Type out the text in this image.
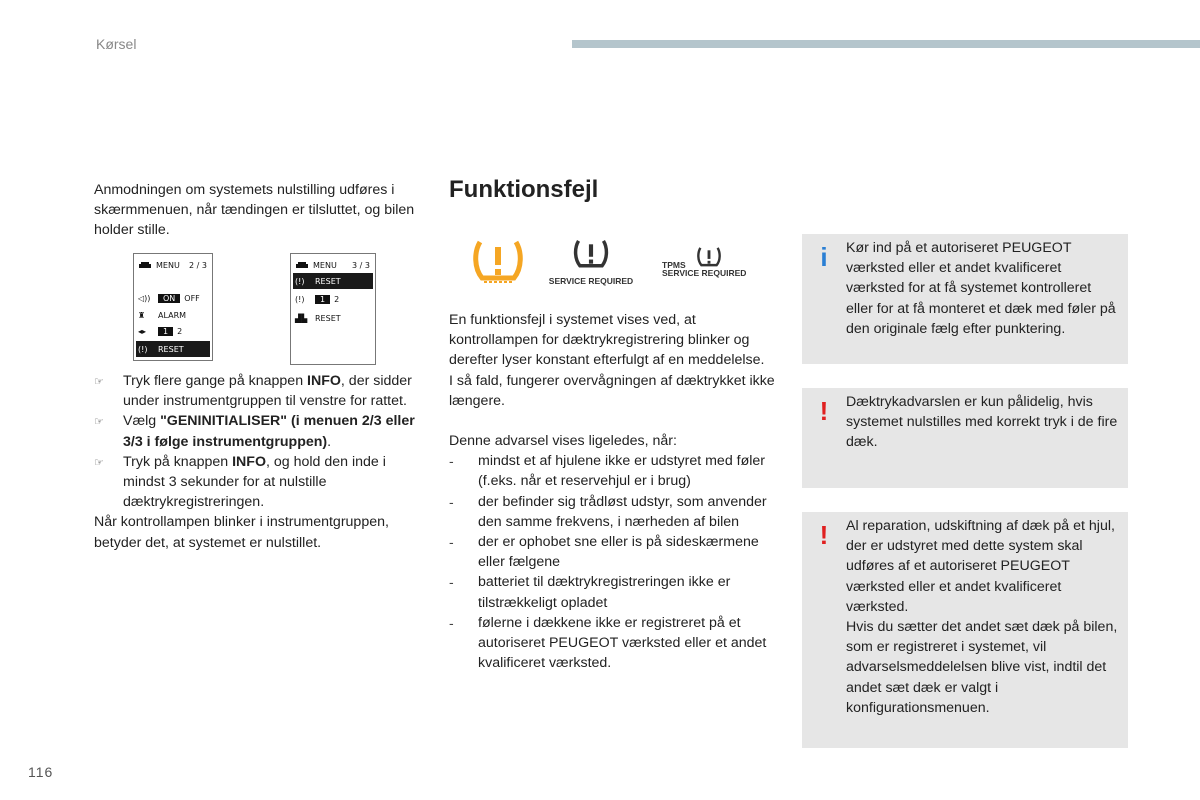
Kørsel
116

Anmodningen om systemets nulstilling udføres i skærmmenuen, når tændingen er tilsluttet, og bilen holder stille.

MENU 2 / 3
◁))	ON	OFF
♜	ALARM
◂▸	1	2
(!)	RESET
MENU 3 / 3
(!)	RESET
(!)	1	2
▟▙ RESET
☞	Tryk flere gange på knappen INFO, der sidder under instrumentgruppen til venstre for rattet.
☞	Vælg "GENINITIALISER" (i menuen 2/3 eller 3/3 i følge instrumentgruppen).
☞	Tryk på knappen INFO, og hold den inde i mindst 3 sekunder for at nulstille dæktrykregistreringen.

Når kontrollampen blinker i instrumentgruppen, betyder det, at systemet er nulstillet.

Funktionsfejl
SERVICE REQUIRED
TPMS
SERVICE REQUIRED

En funktionsfejl i systemet vises ved, at kontrollampen for dæktrykregistrering blinker og derefter lyser konstant efterfulgt af en meddelelse.

I så fald, fungerer overvågningen af dæktrykket ikke længere.

Denne advarsel vises ligeledes, når:

-	mindst et af hjulene ikke er udstyret med føler (f.eks. når et reservehjul er i brug)
-	der befinder sig trådløst udstyr, som anvender den samme frekvens, i nærheden af bilen
-	der er ophobet sne eller is på sideskærmene eller fælgene
-	batteriet til dæktrykregistreringen ikke er tilstrækkeligt opladet
-	følerne i dækkene ikke er registreret på et autoriseret PEUGEOT værksted eller et andet kvalificeret værksted.
i	Kør ind på et autoriseret PEUGEOT værksted eller et andet kvalificeret værksted for at få systemet kontrolleret eller for at få monteret et dæk med føler på den originale fælg efter punktering.
! Dæktrykadvarslen er kun pålidelig, hvis systemet nulstilles med korrekt tryk i de fire dæk.
! Al reparation, udskiftning af dæk på et hjul, der er udstyret med dette system skal udføres af et autoriseret PEUGEOT værksted eller et andet kvalificeret værksted.

Hvis du sætter det andet sæt dæk på bilen, som er registreret i systemet, vil advarselsmeddelelsen blive vist, indtil det andet sæt dæk er valgt i konfigurationsmenuen.
